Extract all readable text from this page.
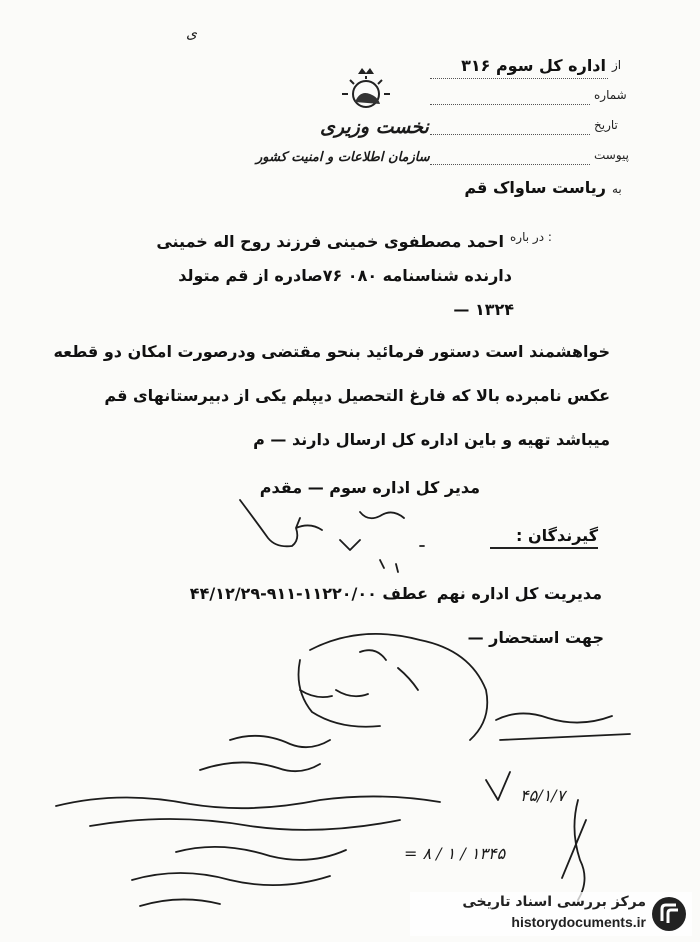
ی
نخست وزیری
سازمان اطلاعات و امنیت کشور
از
اداره کل سوم ۳۱۶
شماره
تاریخ
پیوست
به
ریاست ساواک قم
در باره :
احمد مصطفوی خمینی فرزند روح اله خمینی
دارنده شناسنامه ۰۸۰ ۷۶صادره از قم متولد
۱۳۲۴ —
خواهشمند است دستور فرمائید بنحو مقتضی ودرصورت امکان دو قطعه
عکس نامبرده بالا که فارغ التحصیل دیپلم یکی از دبیرستانهای قم
میباشد تهیه و باین اداره کل ارسال دارند — م
مدیر کل اداره سوم — مقدم
گیرندگان :
مدیریت کل اداره نهم
عطف ۱۱۲۲۰/۰۰-۹۱۱-۴۴/۱۲/۲۹
جهت استحضار —
۴۵/۱/۷
۱۳۴۵ / ۱ / ۸ =
مرکز بررسی اسناد تاریخی
historydocuments.ir
